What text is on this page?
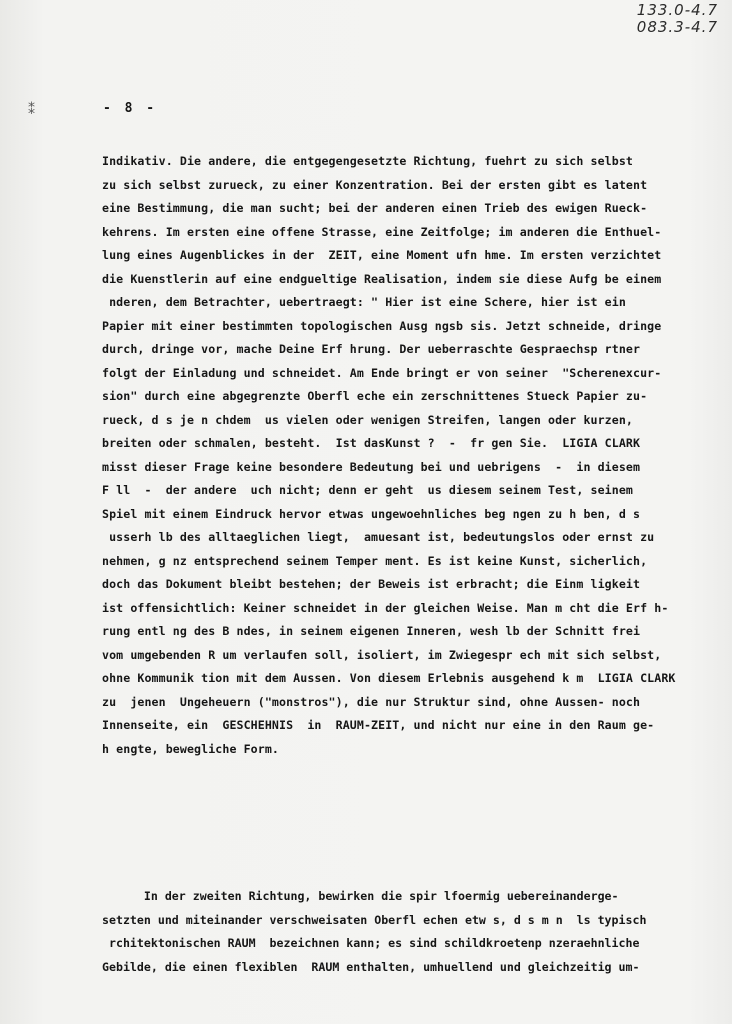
133.0-4.7
083.3-4.7
⁑	- 8 -
Indikativ. Die andere, die entgegengesetzte Richtung, fuehrt zu sich selbst
zu sich selbst zurueck, zu einer Konzentration. Bei der ersten gibt es latent
eine Bestimmung, die man sucht; bei der anderen einen Trieb des ewigen Rueck-
kehrens. Im ersten eine offene Strasse, eine Zeitfolge; im anderen die Enthuel-
lung eines Augenblickes in der  ZEIT, eine Moment ufn hme. Im ersten verzichtet
die Kuenstlerin auf eine endgueltige Realisation, indem sie diese Aufg be einem
nderen, dem Betrachter, uebertraegt: " Hier ist eine Schere, hier ist ein
Papier mit einer bestimmten topologischen Ausg ngsb sis. Jetzt schneide, dringe
durch, dringe vor, mache Deine Erf hrung. Der ueberraschte Gespraechsp rtner
folgt der Einladung und schneidet. Am Ende bringt er von seiner  "Scherenexcur-
sion" durch eine abgegrenzte Oberfl eche ein zerschnittenes Stueck Papier zu-
rueck, d s je n chdem  us vielen oder wenigen Streifen, langen oder kurzen,
breiten oder schmalen, besteht.  Ist dasKunst ?  -  fr gen Sie.  LIGIA CLARK
misst dieser Frage keine besondere Bedeutung bei und uebrigens  -  in diesem
F ll  -  der andere  uch nicht; denn er geht  us diesem seinem Test, seinem
Spiel mit einem Eindruck hervor etwas ungewoehnliches beg ngen zu h ben, d s
usserh lb des alltaeglichen liegt,  amuesant ist, bedeutungslos oder ernst zu
nehmen, g nz entsprechend seinem Temper ment. Es ist keine Kunst, sicherlich,
doch das Dokument bleibt bestehen; der Beweis ist erbracht; die Einm ligkeit
ist offensichtlich: Keiner schneidet in der gleichen Weise. Man m cht die Erf h-
rung entl ng des B ndes, in seinem eigenen Inneren, wesh lb der Schnitt frei
vom umgebenden R um verlaufen soll, isoliert, im Zwiegespr ech mit sich selbst,
ohne Kommunik tion mit dem Aussen. Von diesem Erlebnis ausgehend k m  LIGIA CLARK
zu  jenen  Ungeheuern ("monstros"), die nur Struktur sind, ohne Aussen- noch
Innenseite, ein  GESCHEHNIS  in  RAUM-ZEIT, und nicht nur eine in den Raum ge-
h engte, bewegliche Form.
In der zweiten Richtung, bewirken die spir lfoermig uebereinanderge-
setzten und miteinander verschweisaten Oberfl echen etw s, d s m n  ls typisch
rchitektonischen RAUM  bezeichnen kann; es sind schildkroetenp nzeraehnliche
Gebilde, die einen flexiblen  RAUM enthalten, umhuellend und gleichzeitig um-
